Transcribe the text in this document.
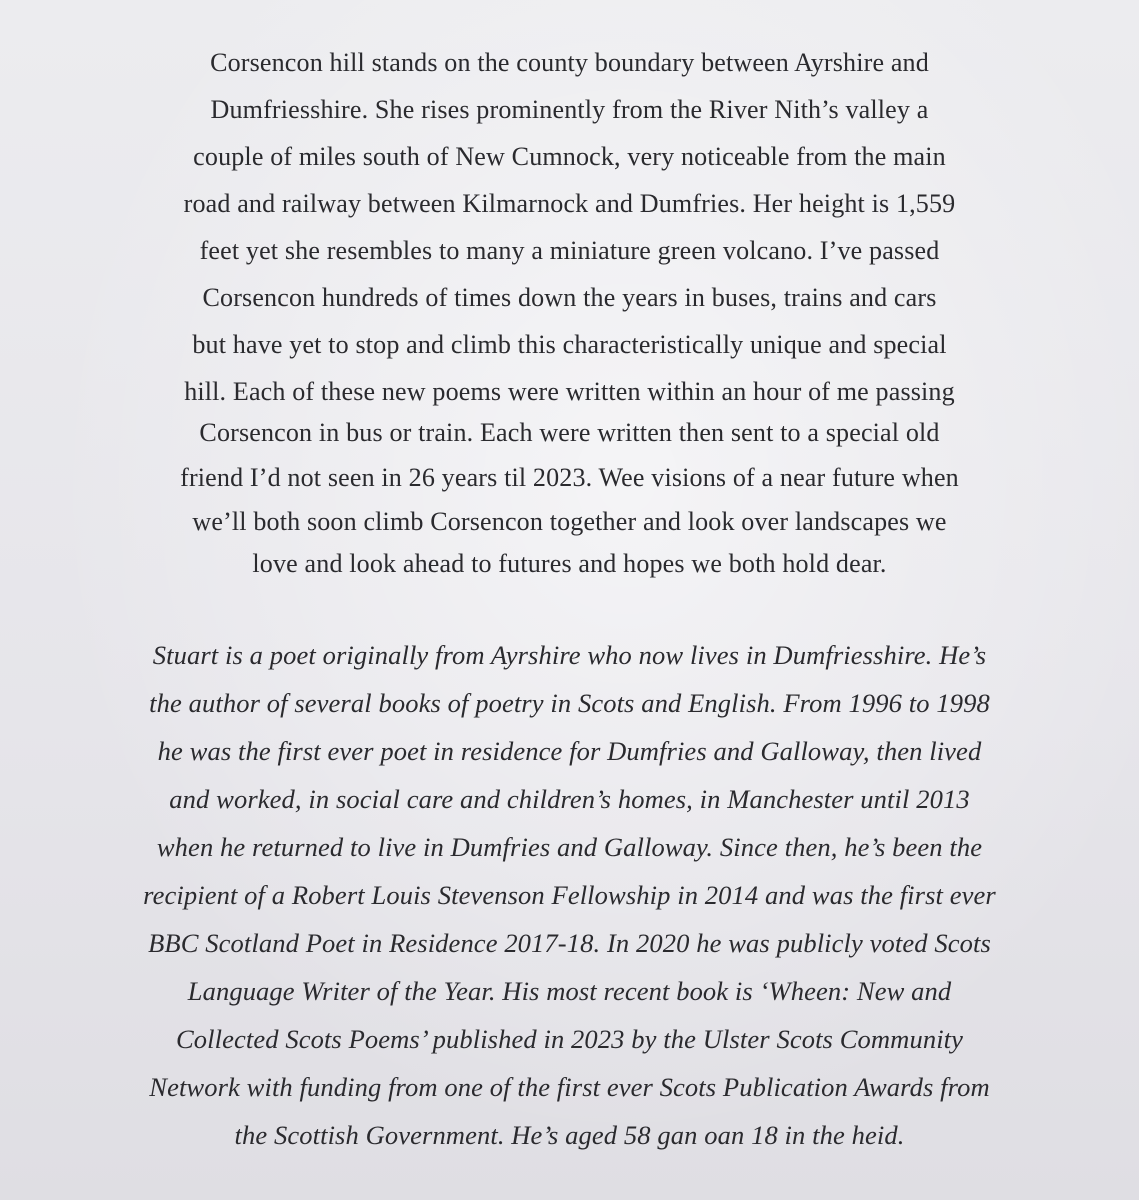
Corsencon hill stands on the county boundary between Ayrshire and

Dumfriesshire. She rises prominently from the River Nith’s valley a

couple of miles south of New Cumnock, very noticeable from the main

road and railway between Kilmarnock and Dumfries. Her height is 1,559

feet yet she resembles to many a miniature green volcano. I’ve passed

Corsencon hundreds of times down the years in buses, trains and cars

but have yet to stop and climb this characteristically unique and special

hill. Each of these new poems were written within an hour of me passing

Corsencon in bus or train. Each were written then sent to a special old

friend I’d not seen in 26 years til 2023. Wee visions of a near future when

we’ll both soon climb Corsencon together and look over landscapes we

love and look ahead to futures and hopes we both hold dear.

Stuart is a poet originally from Ayrshire who now lives in Dumfriesshire. He’s

the author of several books of poetry in Scots and English. From 1996 to 1998

he was the first ever poet in residence for Dumfries and Galloway, then lived

and worked, in social care and children’s homes, in Manchester until 2013

when he returned to live in Dumfries and Galloway. Since then, he’s been the

recipient of a Robert Louis Stevenson Fellowship in 2014 and was the first ever

BBC Scotland Poet in Residence 2017-18. In 2020 he was publicly voted Scots

Language Writer of the Year. His most recent book is ‘Wheen: New and

Collected Scots Poems’ published in 2023 by the Ulster Scots Community

Network with funding from one of the first ever Scots Publication Awards from

the Scottish Government. He’s aged 58 gan oan 18 in the heid.
